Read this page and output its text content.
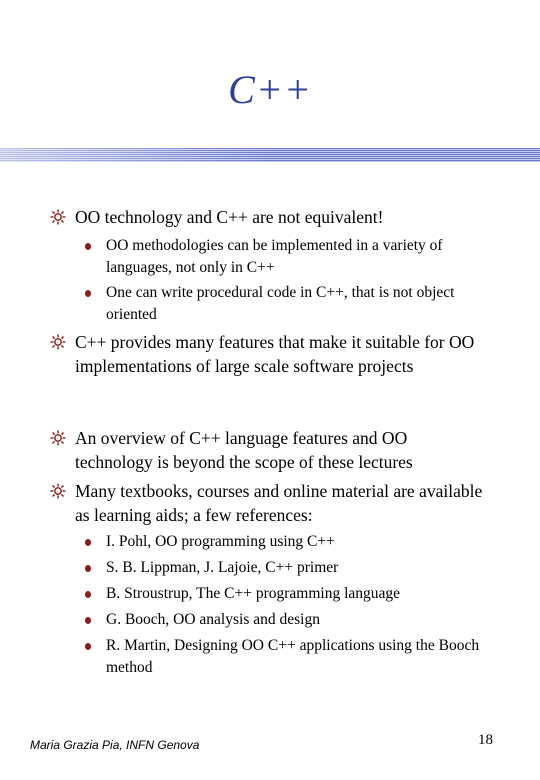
C++
OO technology and C++ are not equivalent!
OO methodologies can be implemented in a variety of languages, not only in C++
One can write procedural code in C++, that is not object oriented
C++ provides many features that make it suitable for OO implementations of large scale software projects
An overview of C++ language features and OO technology is beyond the scope of these lectures
Many textbooks, courses and online material are available as learning aids; a few references:
I. Pohl, OO programming using C++
S. B. Lippman, J. Lajoie, C++ primer
B. Stroustrup, The C++ programming language
G. Booch, OO analysis and design
R. Martin, Designing OO C++ applications using the Booch method
Maria Grazia Pia, INFN Genova	18
